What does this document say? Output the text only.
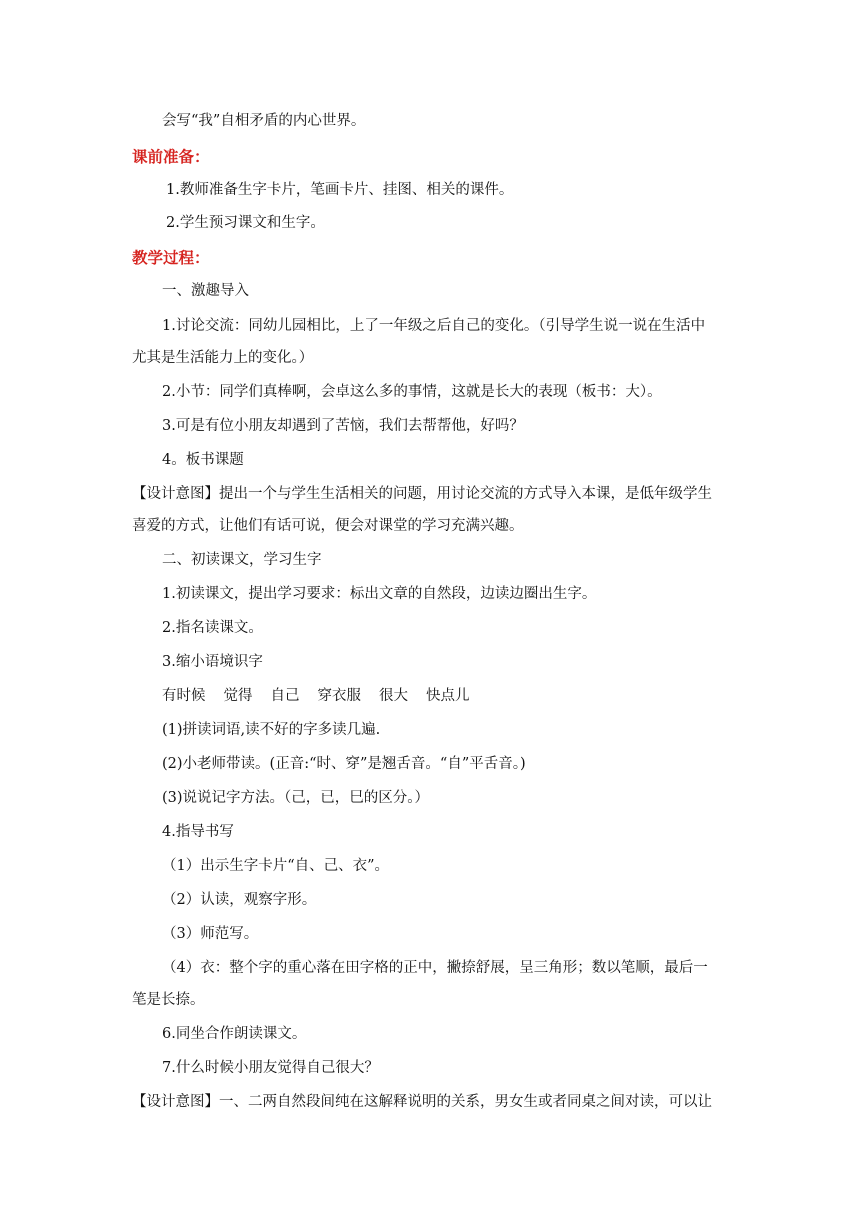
会写“我”自相矛盾的内心世界。
课前准备：
1.教师准备生字卡片，笔画卡片、挂图、相关的课件。
2.学生预习课文和生字。
教学过程：
一、激趣导入
1.讨论交流：同幼儿园相比，上了一年级之后自己的变化。（引导学生说一说在生活中
尤其是生活能力上的变化。）
2.小节：同学们真棒啊，会卓这么多的事情，这就是长大的表现（板书：大）。
3.可是有位小朋友却遇到了苦恼，我们去帮帮他，好吗？
4。板书课题
【设计意图】提出一个与学生生活相关的问题，用讨论交流的方式导入本课，是低年级学生
喜爱的方式，让他们有话可说，便会对课堂的学习充满兴趣。
二、初读课文，学习生字
1.初读课文，提出学习要求：标出文章的自然段，边读边圈出生字。
2.指名读课文。
3.缩小语境识字
有时候 觉得 自己 穿衣服 很大 快点儿
(1)拼读词语,读不好的字多读几遍.
(2)小老师带读。(正音:“时、穿”是翘舌音。“自”平舌音。)
(3)说说记字方法。（己，已，巳的区分。）
4.指导书写
（1）出示生字卡片“自、己、衣”。
（2）认读，观察字形。
（3）师范写。
（4）衣：整个字的重心落在田字格的正中，撇捺舒展，呈三角形；数以笔顺，最后一
笔是长捺。
6.同坐合作朗读课文。
7.什么时候小朋友觉得自己很大？
【设计意图】一、二两自然段间纯在这解释说明的关系，男女生或者同桌之间对读，可以让
